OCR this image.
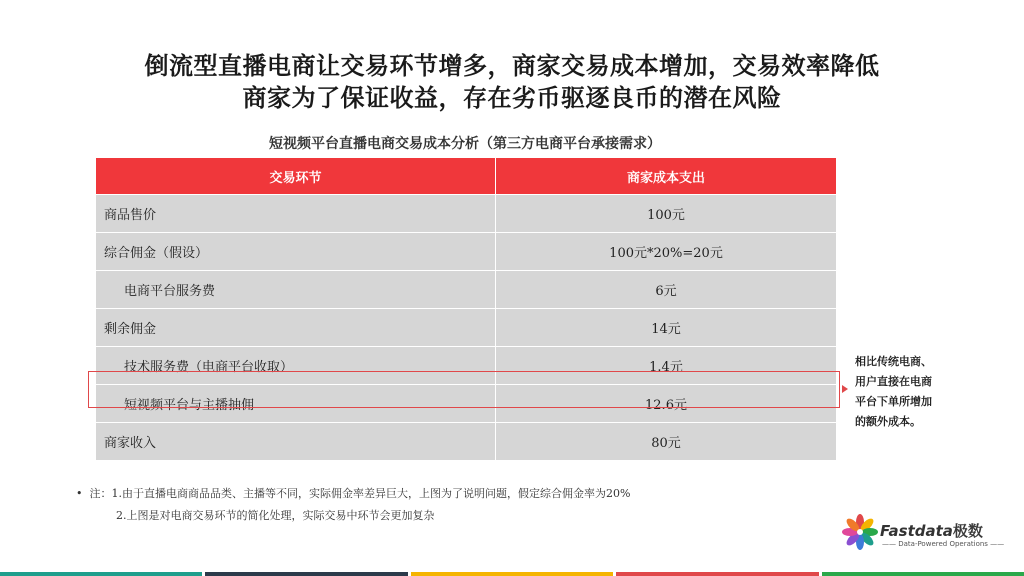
倒流型直播电商让交易环节增多，商家交易成本增加，交易效率降低
商家为了保证收益，存在劣币驱逐良币的潜在风险
短视频平台直播电商交易成本分析（第三方电商平台承接需求）
交易环节	商家成本支出
商品售价	100元
综合佣金（假设）	100元*20%=20元
电商平台服务费	6元
剩余佣金	14元
技术服务费（电商平台收取）	1.4元
短视频平台与主播抽佣	12.6元
商家收入	80元
相比传统电商、
用户直接在电商
平台下单所增加
的额外成本。
•  注：1.由于直播电商商品品类、主播等不同，实际佣金率差异巨大，上图为了说明问题，假定综合佣金率为20%
2.上图是对电商交易环节的简化处理，实际交易中环节会更加复杂
Fastdata极数
—— Data-Powered Operations ——
